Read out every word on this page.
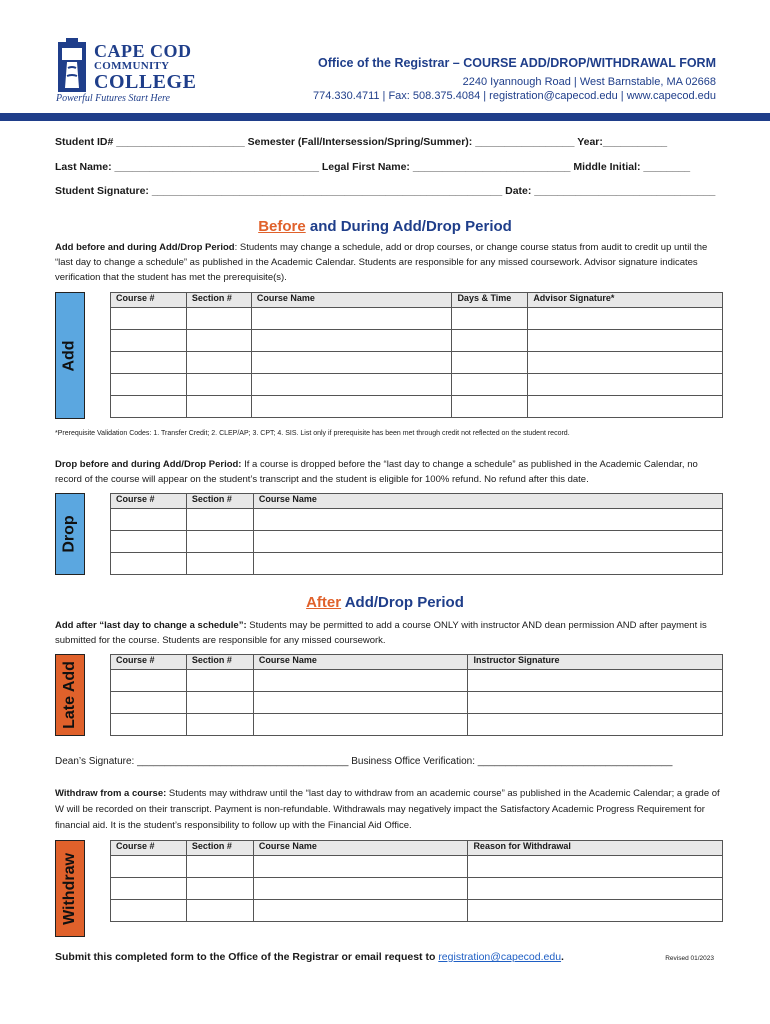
CAPE COD
COMMUNITY
COLLEGE
Powerful Futures Start Here
Office of the Registrar – COURSE ADD/DROP/WITHDRAWAL FORM
2240 Iyannough Road | West Barnstable, MA 02668
774.330.4711 | Fax: 508.375.4084 | registration@capecod.edu | www.capecod.edu
Student ID# ______________________ Semester (Fall/Intersession/Spring/Summer): _________________ Year:___________
Last Name: ___________________________________ Legal First Name: ___________________________ Middle Initial: ________
Student Signature: ____________________________________________________________ Date: _______________________________
Before and During Add/Drop Period
Add before and during Add/Drop Period: Students may change a schedule, add or drop courses, or change course status from audit to credit up until the “last day to change a schedule” as published in the Academic Calendar. Students are responsible for any missed coursework. Advisor signature indicates verification that the student has met the prerequisite(s).
Add
Course #	Section #	Course Name	Days & Time	Advisor Signature*

*Prerequisite Validation Codes: 1. Transfer Credit; 2. CLEP/AP; 3. CPT; 4. SIS. List only if prerequisite has been met through credit not reflected on the student record.
Drop before and during Add/Drop Period: If a course is dropped before the “last day to change a schedule” as published in the Academic Calendar, no record of the course will appear on the student’s transcript and the student is eligible for 100% refund. No refund after this date.
Drop
Course #	Section #	Course Name

After Add/Drop Period
Add after “last day to change a schedule”: Students may be permitted to add a course ONLY with instructor AND dean permission AND after payment is submitted for the course. Students are responsible for any missed coursework.
Late Add
Course #	Section #	Course Name	Instructor Signature

Dean’s Signature: ______________________________________ Business Office Verification: ___________________________________
Withdraw from a course: Students may withdraw until the “last day to withdraw from an academic course” as published in the Academic Calendar; a grade of W will be recorded on their transcript. Payment is non-refundable. Withdrawals may negatively impact the Satisfactory Academic Progress Requirement for financial aid. It is the student’s responsibility to follow up with the Financial Aid Office.
Withdraw
Course #	Section #	Course Name	Reason for Withdrawal

Submit this completed form to the Office of the Registrar or email request to registration@capecod.edu.	Revised 01/2023
